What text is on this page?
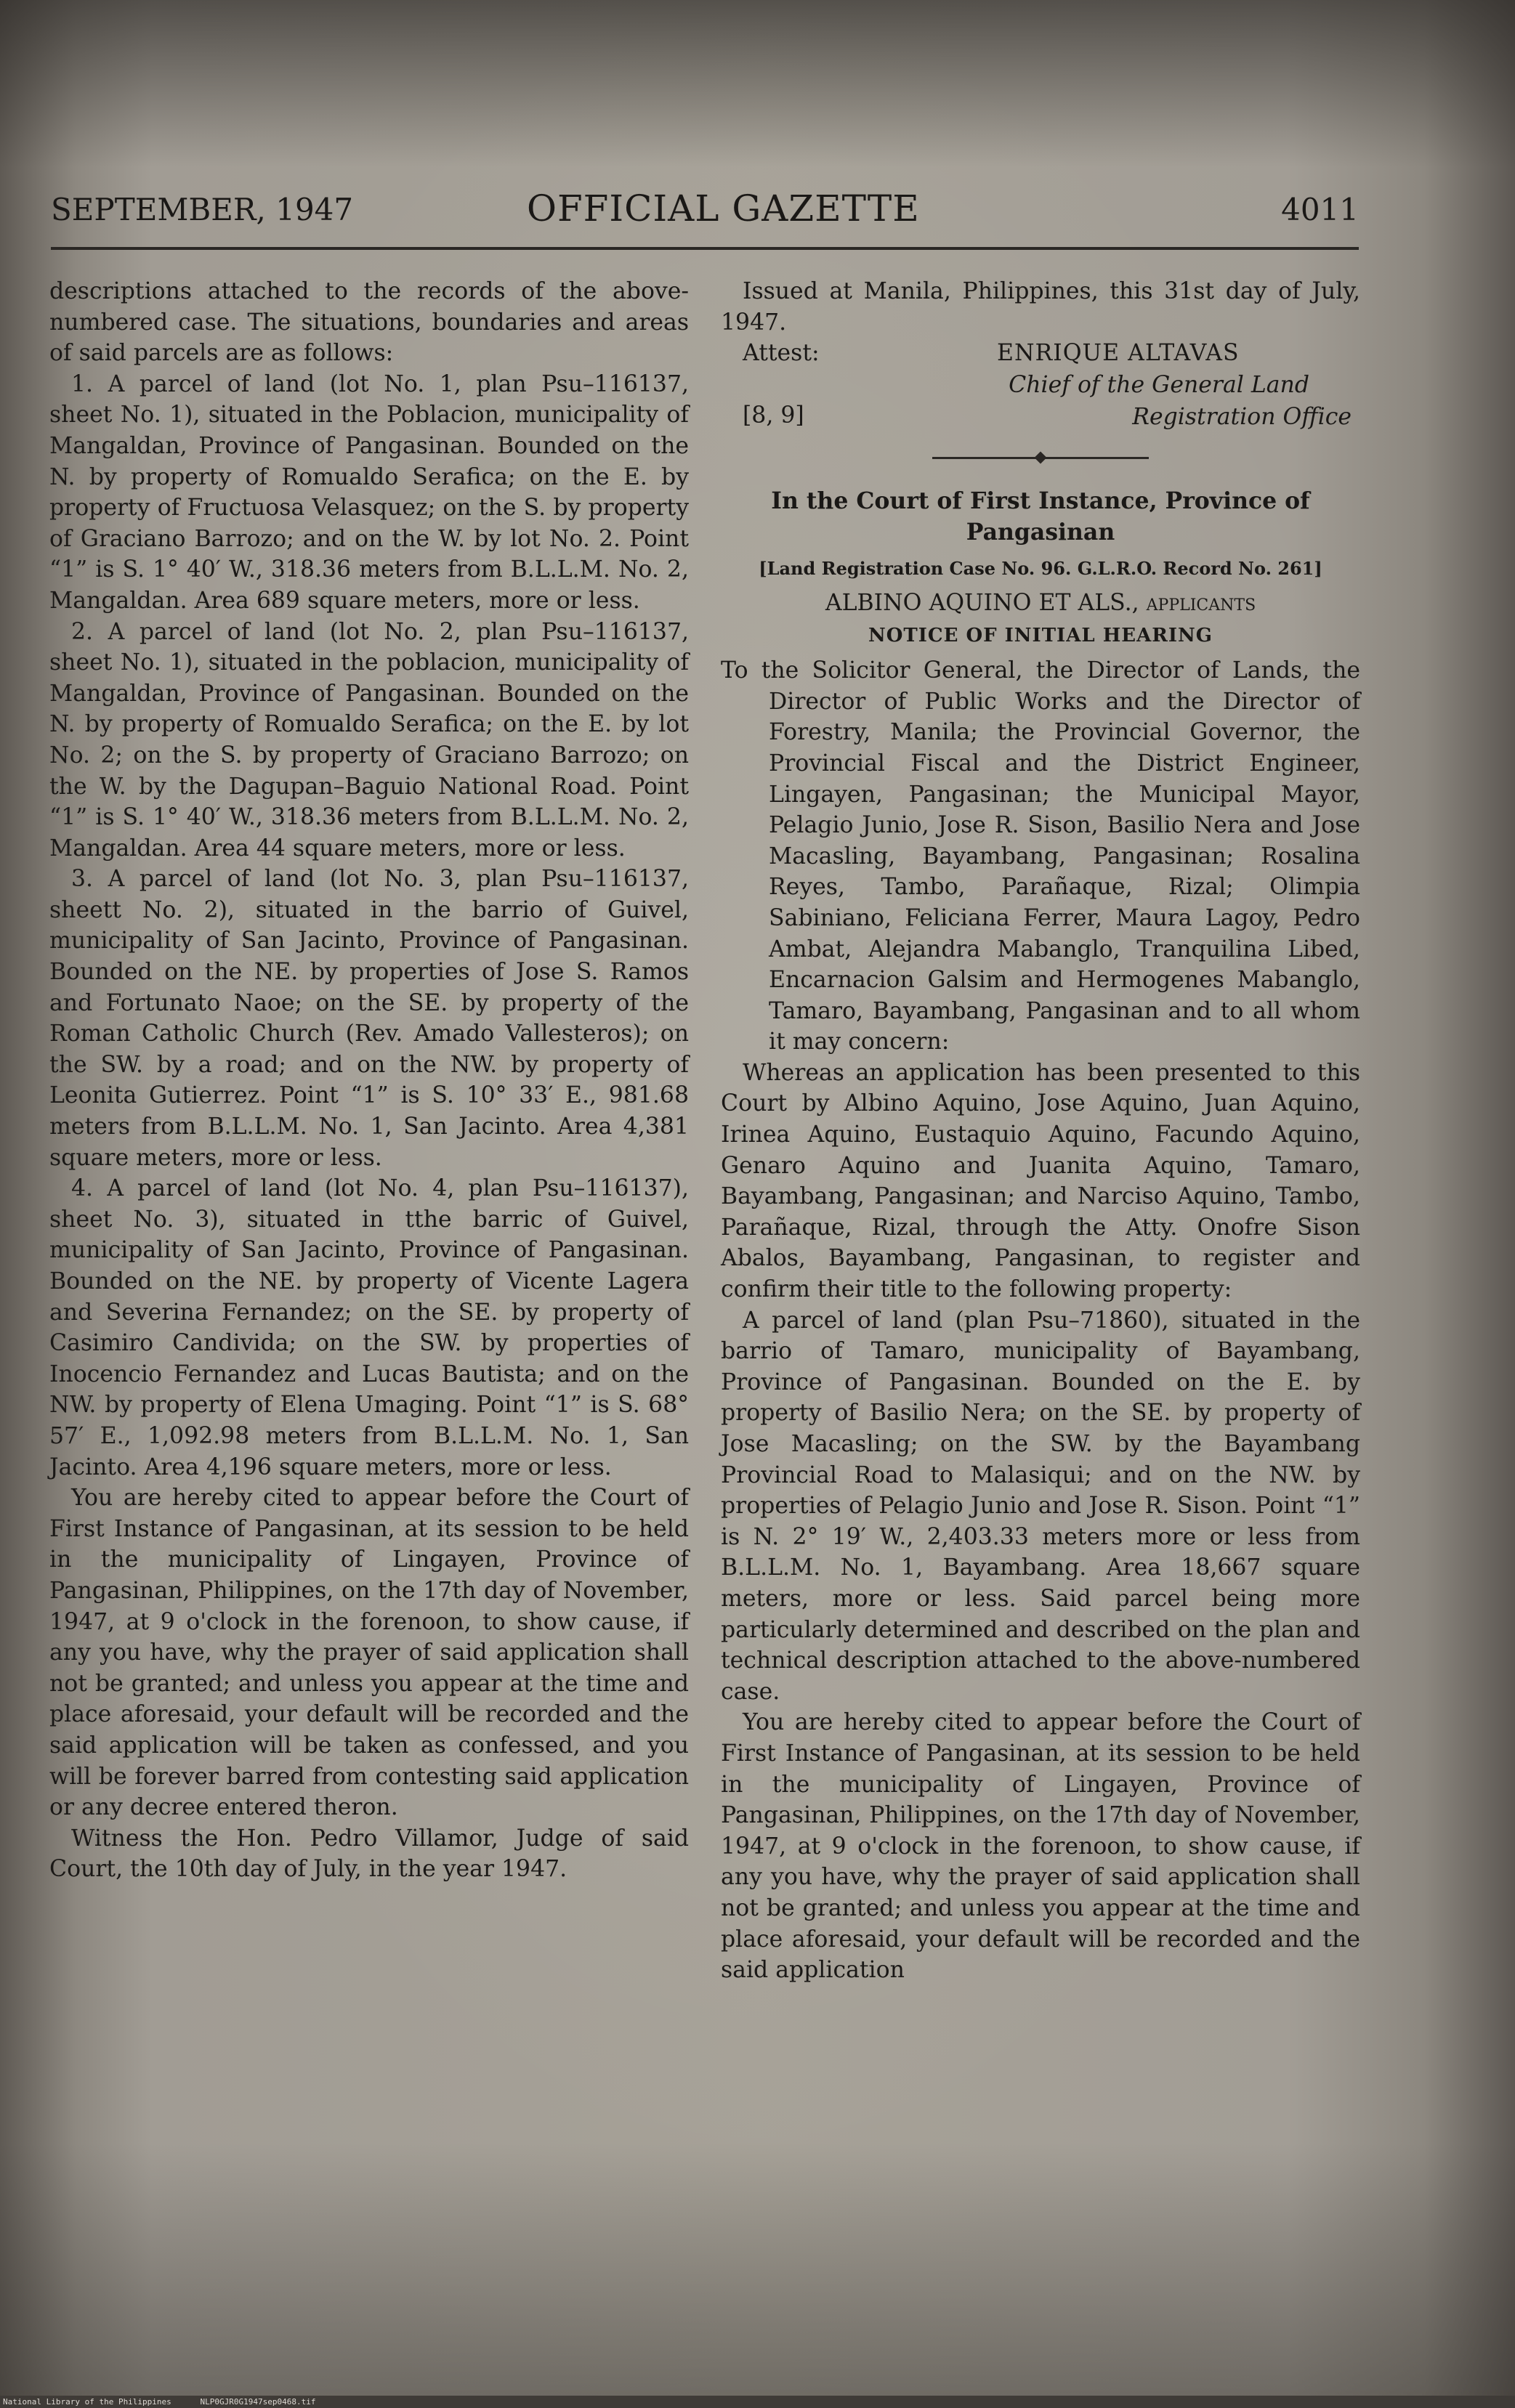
SEPTEMBER, 1947	OFFICIAL GAZETTE	4011

descriptions attached to the records of the above-numbered case. The situations, boundaries and areas of said parcels are as follows:

1. A parcel of land (lot No. 1, plan Psu–116137, sheet No. 1), situated in the Poblacion, municipality of Mangaldan, Province of Pangasinan. Bounded on the N. by property of Romualdo Serafica; on the E. by property of Fructuosa Velasquez; on the S. by property of Graciano Barrozo; and on the W. by lot No. 2. Point “1” is S. 1° 40′ W., 318.36 meters from B.L.L.M. No. 2, Mangaldan. Area 689 square meters, more or less.

2. A parcel of land (lot No. 2, plan Psu–116137, sheet No. 1), situated in the poblacion, municipality of Mangaldan, Province of Pangasinan. Bounded on the N. by property of Romualdo Serafica; on the E. by lot No. 2; on the S. by property of Graciano Barrozo; on the W. by the Dagupan–Baguio National Road. Point “1” is S. 1° 40′ W., 318.36 meters from B.L.L.M. No. 2, Mangaldan. Area 44 square meters, more or less.

3. A parcel of land (lot No. 3, plan Psu–116137, sheett No. 2), situated in the barrio of Guivel, municipality of San Jacinto, Province of Pangasinan. Bounded on the NE. by properties of Jose S. Ramos and Fortunato Naoe; on the SE. by property of the Roman Catholic Church (Rev. Amado Vallesteros); on the SW. by a road; and on the NW. by property of Leonita Gutierrez. Point “1” is S. 10° 33′ E., 981.68 meters from B.L.L.M. No. 1, San Jacinto. Area 4,381 square meters, more or less.

4. A parcel of land (lot No. 4, plan Psu–116137), sheet No. 3), situated in tthe barric of Guivel, municipality of San Jacinto, Province of Pangasinan. Bounded on the NE. by property of Vicente Lagera and Severina Fernandez; on the SE. by property of Casimiro Candivida; on the SW. by properties of Inocencio Fernandez and Lucas Bautista; and on the NW. by property of Elena Umaging. Point “1” is S. 68° 57′ E., 1,092.98 meters from B.L.L.M. No. 1, San Jacinto. Area 4,196 square meters, more or less.

You are hereby cited to appear before the Court of First Instance of Pangasinan, at its session to be held in the municipality of Lingayen, Province of Pangasinan, Philippines, on the 17th day of November, 1947, at 9 o'clock in the forenoon, to show cause, if any you have, why the prayer of said application shall not be granted; and unless you appear at the time and place aforesaid, your default will be recorded and the said application will be taken as confessed, and you will be forever barred from contesting said application or any decree entered theron.

Witness the Hon. Pedro Villamor, Judge of said Court, the 10th day of July, in the year 1947.

Issued at Manila, Philippines, this 31st day of July, 1947.

Attest:	ENRIQUE ALTAVAS
Chief of the General Land
[8, 9]	Registration Office

In the Court of First Instance, Province of Pangasinan

[Land Registration Case No. 96. G.L.R.O. Record No. 261]

ALBINO AQUINO ET ALS., applicants

NOTICE OF INITIAL HEARING

To the Solicitor General, the Director of Lands, the Director of Public Works and the Director of Forestry, Manila; the Provincial Governor, the Provincial Fiscal and the District Engineer, Lingayen, Pangasinan; the Municipal Mayor, Pelagio Junio, Jose R. Sison, Basilio Nera and Jose Macasling, Bayambang, Pangasinan; Rosalina Reyes, Tambo, Parañaque, Rizal; Olimpia Sabiniano, Feliciana Ferrer, Maura Lagoy, Pedro Ambat, Alejandra Mabanglo, Tranquilina Libed, Encarnacion Galsim and Hermogenes Mabanglo, Tamaro, Bayambang, Pangasinan and to all whom it may concern:

Whereas an application has been presented to this Court by Albino Aquino, Jose Aquino, Juan Aquino, Irinea Aquino, Eustaquio Aquino, Facundo Aquino, Genaro Aquino and Juanita Aquino, Tamaro, Bayambang, Pangasinan; and Narciso Aquino, Tambo, Parañaque, Rizal, through the Atty. Onofre Sison Abalos, Bayambang, Pangasinan, to register and confirm their title to the following property:

A parcel of land (plan Psu–71860), situated in the barrio of Tamaro, municipality of Bayambang, Province of Pangasinan. Bounded on the E. by property of Basilio Nera; on the SE. by property of Jose Macasling; on the SW. by the Bayambang Provincial Road to Malasiqui; and on the NW. by properties of Pelagio Junio and Jose R. Sison. Point “1” is N. 2° 19′ W., 2,403.33 meters more or less from B.L.L.M. No. 1, Bayambang. Area 18,667 square meters, more or less. Said parcel being more particularly determined and described on the plan and technical description attached to the above-numbered case.

You are hereby cited to appear before the Court of First Instance of Pangasinan, at its session to be held in the municipality of Lingayen, Province of Pangasinan, Philippines, on the 17th day of November, 1947, at 9 o'clock in the forenoon, to show cause, if any you have, why the prayer of said application shall not be granted; and unless you appear at the time and place aforesaid, your default will be recorded and the said application

National Library of the Philippines      NLP0GJR0G1947sep0468.tif
